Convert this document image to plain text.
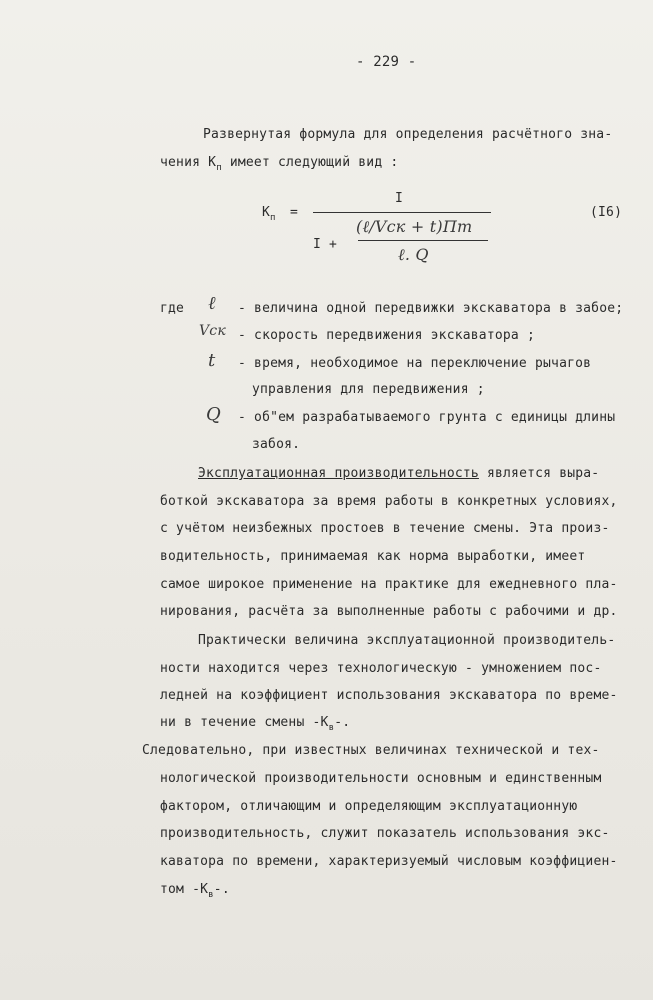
- 229 -
Развернутая формула для определения расчётного зна-
чения $К_п$ имеет следующий вид :
$К_п$ =
I
(ℓ/Vск + t)Пт
I +
ℓ. Q
(I6)
где ℓ - величина одной передвижки экскаватора в забое;
Vск - скорость передвижения экскаватора ;
t - время, необходимое на переключение рычагов
управления для передвижения ;
Q - об"ем разрабатываемого грунта с единицы длины
забоя.
Эксплуатационная производительность является выра-
боткой экскаватора за время работы в конкретных условиях,
с учётом неизбежных простоев в течение смены. Эта произ-
водительность, принимаемая как норма выработки, имеет
самое широкое применение на практике для ежедневного пла-
нирования, расчёта за выполненные работы с рабочими и др.
Практически величина эксплуатационной производитель-
ности находится через технологическую - умножением пос-
ледней на коэффициент использования экскаватора по време-
ни в течение смены $-К_в-$.
Следовательно, при известных величинах технической и тех-
нологической производительности основным и единственным
фактором, отличающим и определяющим эксплуатационную
производительность, служит показатель использования экс-
каватора по времени, характеризуемый числовым коэффициен-
том $-К_в-$.
